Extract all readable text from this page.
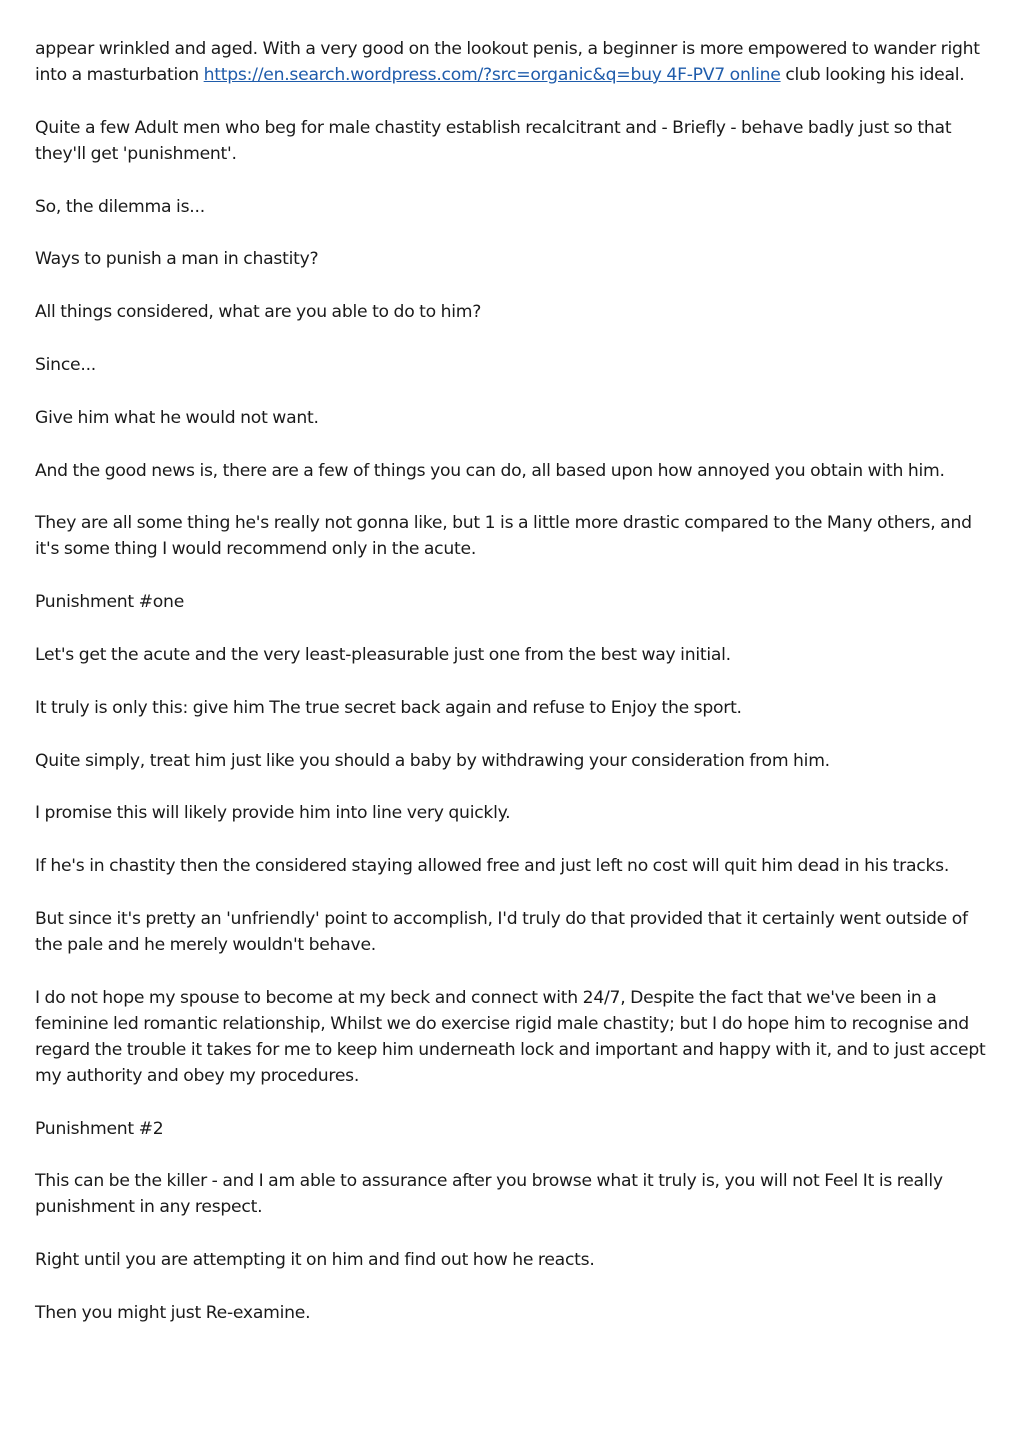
appear wrinkled and aged. With a very good on the lookout penis, a beginner is more empowered to wander right into a masturbation https://en.search.wordpress.com/?src=organic&q=buy 4F-PV7 online club looking his ideal.

Quite a few Adult men who beg for male chastity establish recalcitrant and - Briefly - behave badly just so that they'll get 'punishment'.

So, the dilemma is...

Ways to punish a man in chastity?

All things considered, what are you able to do to him?

Since...

Give him what he would not want.

And the good news is, there are a few of things you can do, all based upon how annoyed you obtain with him.

They are all some thing he's really not gonna like, but 1 is a little more drastic compared to the Many others, and it's some thing I would recommend only in the acute.

Punishment #one

Let's get the acute and the very least-pleasurable just one from the best way initial.

It truly is only this: give him The true secret back again and refuse to Enjoy the sport.

Quite simply, treat him just like you should a baby by withdrawing your consideration from him.

I promise this will likely provide him into line very quickly.

If he's in chastity then the considered staying allowed free and just left no cost will quit him dead in his tracks.

But since it's pretty an 'unfriendly' point to accomplish, I'd truly do that provided that it certainly went outside of the pale and he merely wouldn't behave.

I do not hope my spouse to become at my beck and connect with 24/7, Despite the fact that we've been in a feminine led romantic relationship, Whilst we do exercise rigid male chastity; but I do hope him to recognise and regard the trouble it takes for me to keep him underneath lock and important and happy with it, and to just accept my authority and obey my procedures.

Punishment #2

This can be the killer - and I am able to assurance after you browse what it truly is, you will not Feel It is really punishment in any respect.

Right until you are attempting it on him and find out how he reacts.

Then you might just Re-examine.
